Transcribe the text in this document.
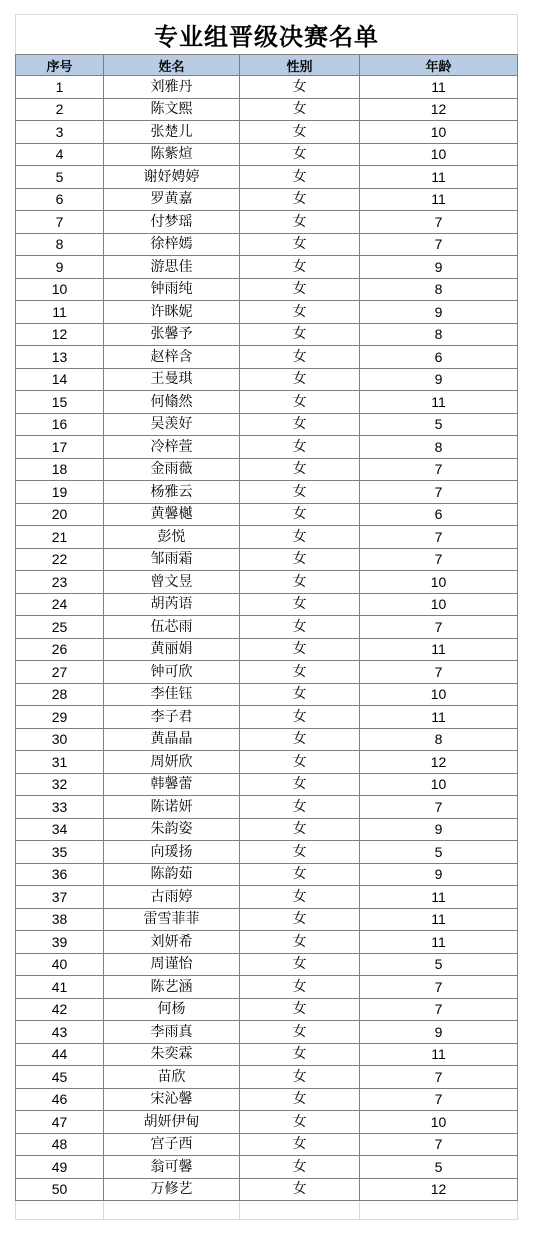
专业组晋级决赛名单			
序号	姓名	性别	年龄
1	刘雅丹	女	11
2	陈文熙	女	12
3	张楚儿	女	10
4	陈紫煊	女	10
5	谢妤娉婷	女	11
6	罗黄嘉	女	11
7	付梦瑶	女	7
8	徐梓嫣	女	7
9	游思佳	女	9
10	钟雨纯	女	8
11	许眯妮	女	9
12	张馨予	女	8
13	赵梓含	女	6
14	王曼琪	女	9
15	何翛然	女	11
16	吴羡好	女	5
17	冷梓萱	女	8
18	金雨薇	女	7
19	杨雅云	女	7
20	黄馨樾	女	6
21	彭悦	女	7
22	邹雨霜	女	7
23	曾文昱	女	10
24	胡芮语	女	10
25	伍芯雨	女	7
26	黄丽娟	女	11
27	钟可欣	女	7
28	李佳钰	女	10
29	李子君	女	11
30	黄晶晶	女	8
31	周妍欣	女	12
32	韩馨蕾	女	10
33	陈诺妍	女	7
34	朱韵姿	女	9
35	向瑗扬	女	5
36	陈韵茹	女	9
37	古雨婷	女	11
38	雷雪菲菲	女	11
39	刘妍希	女	11
40	周谨怡	女	5
41	陈艺涵	女	7
42	何杨	女	7
43	李雨真	女	9
44	朱奕霖	女	11
45	苗欣	女	7
46	宋沁馨	女	7
47	胡妍伊甸	女	10
48	宫子西	女	7
49	翁可馨	女	5
50	万修艺	女	12
